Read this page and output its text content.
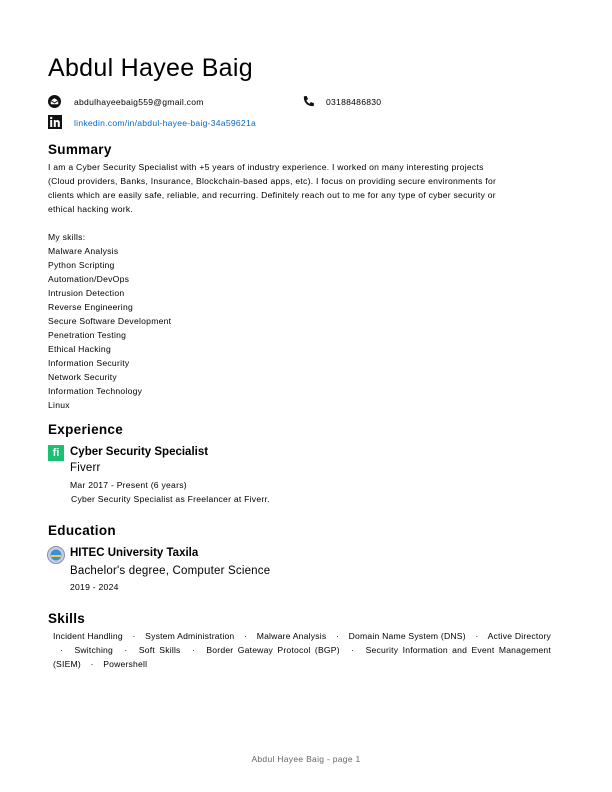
Abdul Hayee Baig
abdulhayeebaig559@gmail.com	03188486830
linkedin.com/in/abdul-hayee-baig-34a59621a
Summary
I am a Cyber Security Specialist with +5 years of industry experience. I worked on many interesting projects
(Cloud providers, Banks, Insurance, Blockchain-based apps, etc). I focus on providing secure environments for
clients which are easily safe, reliable, and recurring. Definitely reach out to me for any type of cyber security or
ethical hacking work.

My skills:
Malware Analysis
Python Scripting
Automation/DevOps
Intrusion Detection
Reverse Engineering
Secure Software Development
Penetration Testing
Ethical Hacking
Information Security
Network Security
Information Technology
Linux
Experience
fi Cyber Security Specialist
Fiverr
Mar 2017 - Present (6 years)
Cyber Security Specialist as Freelancer at Fiverr.
Education
HITEC University Taxila
Bachelor's degree, Computer Science
2019 - 2024
Skills
Incident Handling · System Administration · Malware Analysis · Domain Name System (DNS) · Active Directory · Switching · Soft Skills · Border Gateway Protocol (BGP) · Security Information and Event Management (SIEM) · Powershell
Abdul Hayee Baig - page 1
